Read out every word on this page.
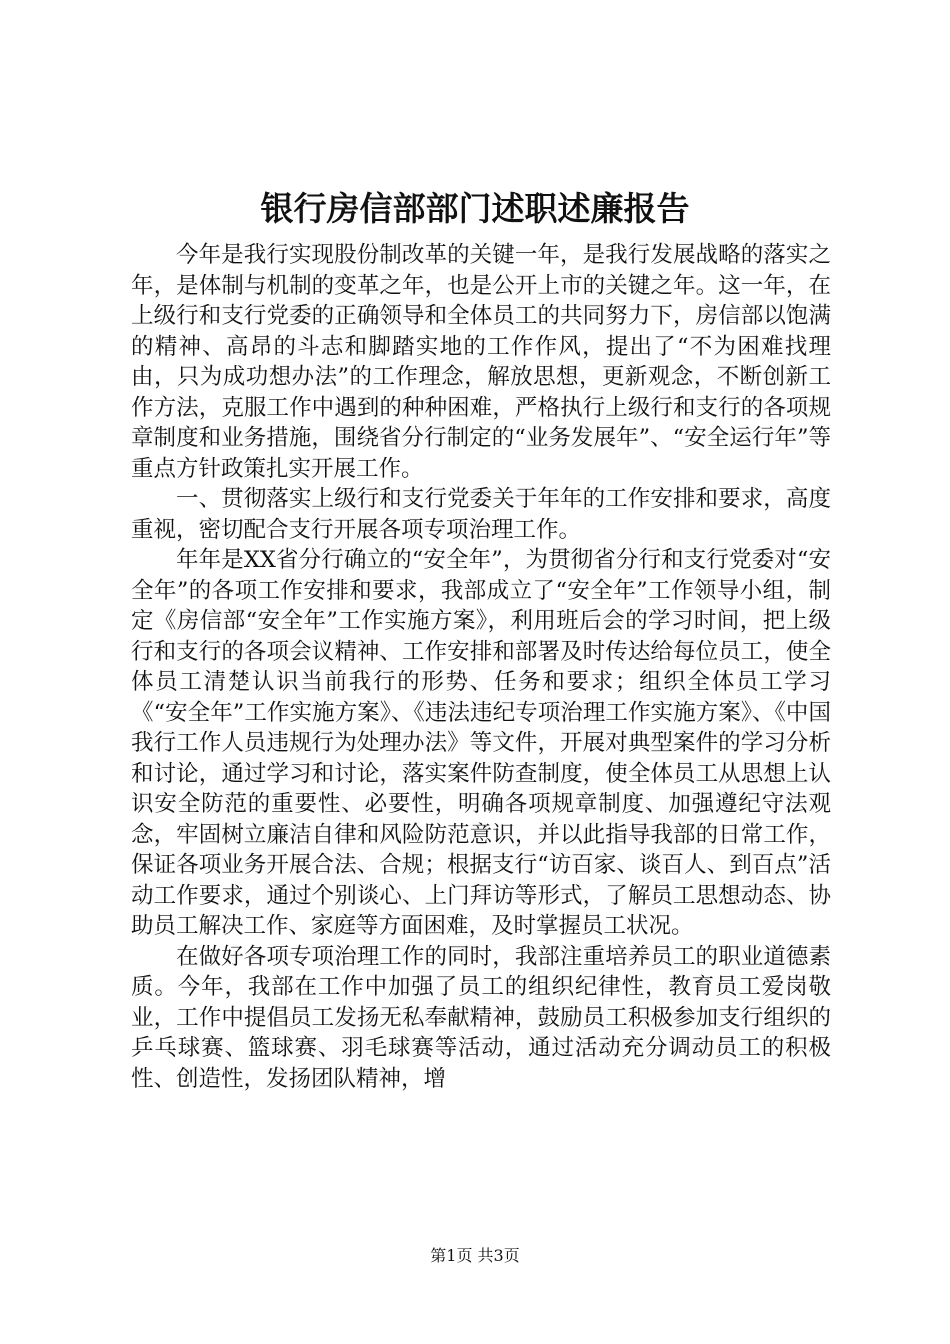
银行房信部部门述职述廉报告

今年是我行实现股份制改革的关键一年，是我行发展战略的落实之年，是体制与机制的变革之年，也是公开上市的关键之年。这一年，在上级行和支行党委的正确领导和全体员工的共同努力下，房信部以饱满的精神、高昂的斗志和脚踏实地的工作作风，提出了“不为困难找理由，只为成功想办法”的工作理念，解放思想，更新观念，不断创新工作方法，克服工作中遇到的种种困难，严格执行上级行和支行的各项规章制度和业务措施，围绕省分行制定的“业务发展年”、“安全运行年”等重点方针政策扎实开展工作。

一、贯彻落实上级行和支行党委关于年年的工作安排和要求，高度重视，密切配合支行开展各项专项治理工作。

年年是XX省分行确立的“安全年”，为贯彻省分行和支行党委对“安全年”的各项工作安排和要求，我部成立了“安全年”工作领导小组，制定《房信部“安全年”工作实施方案》，利用班后会的学习时间，把上级行和支行的各项会议精神、工作安排和部署及时传达给每位员工，使全体员工清楚认识当前我行的形势、任务和要求；组织全体员工学习《“安全年”工作实施方案》、《违法违纪专项治理工作实施方案》、《中国我行工作人员违规行为处理办法》等文件，开展对典型案件的学习分析和讨论，通过学习和讨论，落实案件防查制度，使全体员工从思想上认识安全防范的重要性、必要性，明确各项规章制度、加强遵纪守法观念，牢固树立廉洁自律和风险防范意识，并以此指导我部的日常工作，保证各项业务开展合法、合规；根据支行“访百家、谈百人、到百点”活动工作要求，通过个别谈心、上门拜访等形式，了解员工思想动态、协助员工解决工作、家庭等方面困难，及时掌握员工状况。

在做好各项专项治理工作的同时，我部注重培养员工的职业道德素质。今年，我部在工作中加强了员工的组织纪律性，教育员工爱岗敬业，工作中提倡员工发扬无私奉献精神，鼓励员工积极参加支行组织的乒乓球赛、篮球赛、羽毛球赛等活动，通过活动充分调动员工的积极性、创造性，发扬团队精神，增

第1页 共3页
